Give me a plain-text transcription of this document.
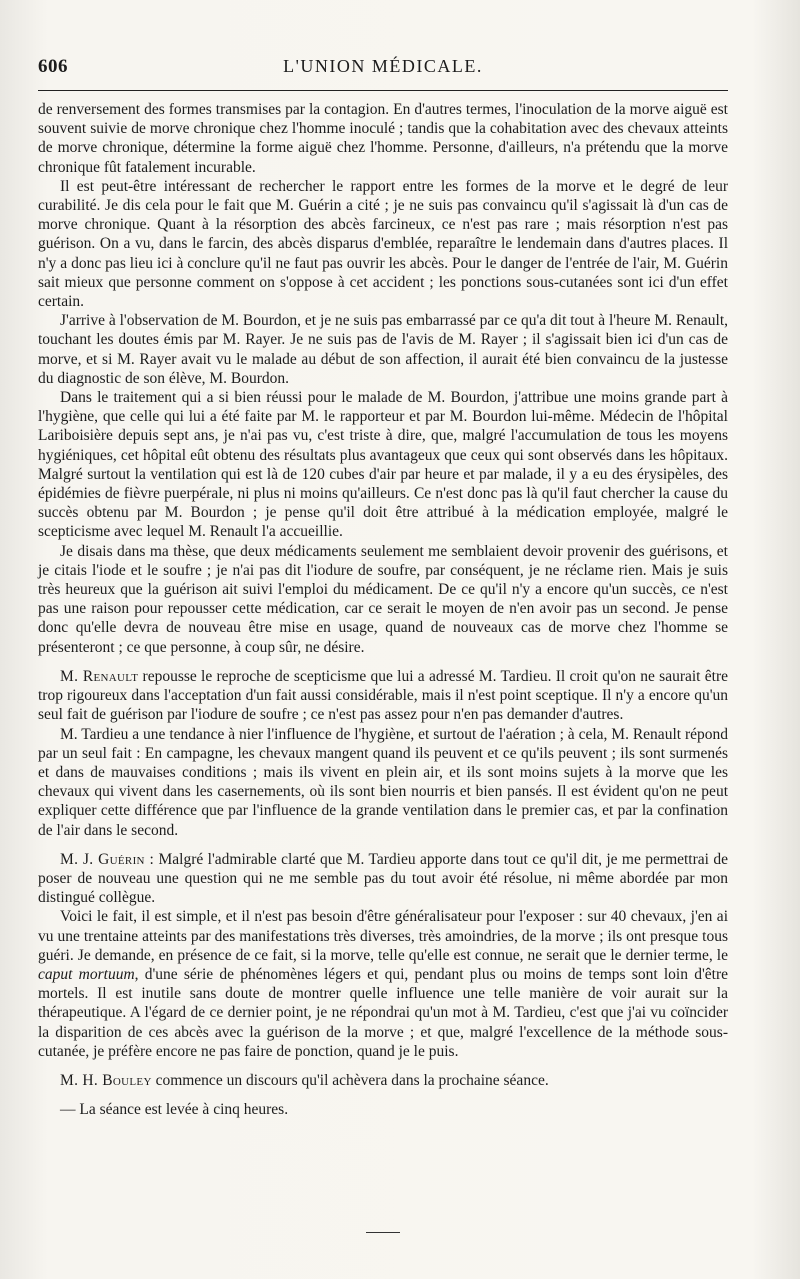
606	L'UNION MÉDICALE.

de renversement des formes transmises par la contagion. En d'autres termes, l'inoculation de la morve aiguë est souvent suivie de morve chronique chez l'homme inoculé ; tandis que la cohabitation avec des chevaux atteints de morve chronique, détermine la forme aiguë chez l'homme. Personne, d'ailleurs, n'a prétendu que la morve chronique fût fatalement incurable.

Il est peut-être intéressant de rechercher le rapport entre les formes de la morve et le degré de leur curabilité. Je dis cela pour le fait que M. Guérin a cité ; je ne suis pas convaincu qu'il s'agissait là d'un cas de morve chronique. Quant à la résorption des abcès farcineux, ce n'est pas rare ; mais résorption n'est pas guérison. On a vu, dans le farcin, des abcès disparus d'emblée, reparaître le lendemain dans d'autres places. Il n'y a donc pas lieu ici à conclure qu'il ne faut pas ouvrir les abcès. Pour le danger de l'entrée de l'air, M. Guérin sait mieux que personne comment on s'oppose à cet accident ; les ponctions sous-cutanées sont ici d'un effet certain.

J'arrive à l'observation de M. Bourdon, et je ne suis pas embarrassé par ce qu'a dit tout à l'heure M. Renault, touchant les doutes émis par M. Rayer. Je ne suis pas de l'avis de M. Rayer ; il s'agissait bien ici d'un cas de morve, et si M. Rayer avait vu le malade au début de son affection, il aurait été bien convaincu de la justesse du diagnostic de son élève, M. Bourdon.

Dans le traitement qui a si bien réussi pour le malade de M. Bourdon, j'attribue une moins grande part à l'hygiène, que celle qui lui a été faite par M. le rapporteur et par M. Bourdon lui-même. Médecin de l'hôpital Lariboisière depuis sept ans, je n'ai pas vu, c'est triste à dire, que, malgré l'accumulation de tous les moyens hygiéniques, cet hôpital eût obtenu des résultats plus avantageux que ceux qui sont observés dans les hôpitaux. Malgré surtout la ventilation qui est là de 120 cubes d'air par heure et par malade, il y a eu des érysipèles, des épidémies de fièvre puerpérale, ni plus ni moins qu'ailleurs. Ce n'est donc pas là qu'il faut chercher la cause du succès obtenu par M. Bourdon ; je pense qu'il doit être attribué à la médication employée, malgré le scepticisme avec lequel M. Renault l'a accueillie.

Je disais dans ma thèse, que deux médicaments seulement me semblaient devoir provenir des guérisons, et je citais l'iode et le soufre ; je n'ai pas dit l'iodure de soufre, par conséquent, je ne réclame rien. Mais je suis très heureux que la guérison ait suivi l'emploi du médicament. De ce qu'il n'y a encore qu'un succès, ce n'est pas une raison pour repousser cette médication, car ce serait le moyen de n'en avoir pas un second. Je pense donc qu'elle devra de nouveau être mise en usage, quand de nouveaux cas de morve chez l'homme se présenteront ; ce que personne, à coup sûr, ne désire.

M. Renault repousse le reproche de scepticisme que lui a adressé M. Tardieu. Il croit qu'on ne saurait être trop rigoureux dans l'acceptation d'un fait aussi considérable, mais il n'est point sceptique. Il n'y a encore qu'un seul fait de guérison par l'iodure de soufre ; ce n'est pas assez pour n'en pas demander d'autres.

M. Tardieu a une tendance à nier l'influence de l'hygiène, et surtout de l'aération ; à cela, M. Renault répond par un seul fait : En campagne, les chevaux mangent quand ils peuvent et ce qu'ils peuvent ; ils sont surmenés et dans de mauvaises conditions ; mais ils vivent en plein air, et ils sont moins sujets à la morve que les chevaux qui vivent dans les casernements, où ils sont bien nourris et bien pansés. Il est évident qu'on ne peut expliquer cette différence que par l'influence de la grande ventilation dans le premier cas, et par la confination de l'air dans le second.

M. J. Guérin : Malgré l'admirable clarté que M. Tardieu apporte dans tout ce qu'il dit, je me permettrai de poser de nouveau une question qui ne me semble pas du tout avoir été résolue, ni même abordée par mon distingué collègue.

Voici le fait, il est simple, et il n'est pas besoin d'être généralisateur pour l'exposer : sur 40 chevaux, j'en ai vu une trentaine atteints par des manifestations très diverses, très amoindries, de la morve ; ils ont presque tous guéri. Je demande, en présence de ce fait, si la morve, telle qu'elle est connue, ne serait que le dernier terme, le caput mortuum, d'une série de phénomènes légers et qui, pendant plus ou moins de temps sont loin d'être mortels. Il est inutile sans doute de montrer quelle influence une telle manière de voir aurait sur la thérapeutique. A l'égard de ce dernier point, je ne répondrai qu'un mot à M. Tardieu, c'est que j'ai vu coïncider la disparition de ces abcès avec la guérison de la morve ; et que, malgré l'excellence de la méthode sous-cutanée, je préfère encore ne pas faire de ponction, quand je le puis.

M. H. Bouley commence un discours qu'il achèvera dans la prochaine séance.

— La séance est levée à cinq heures.
